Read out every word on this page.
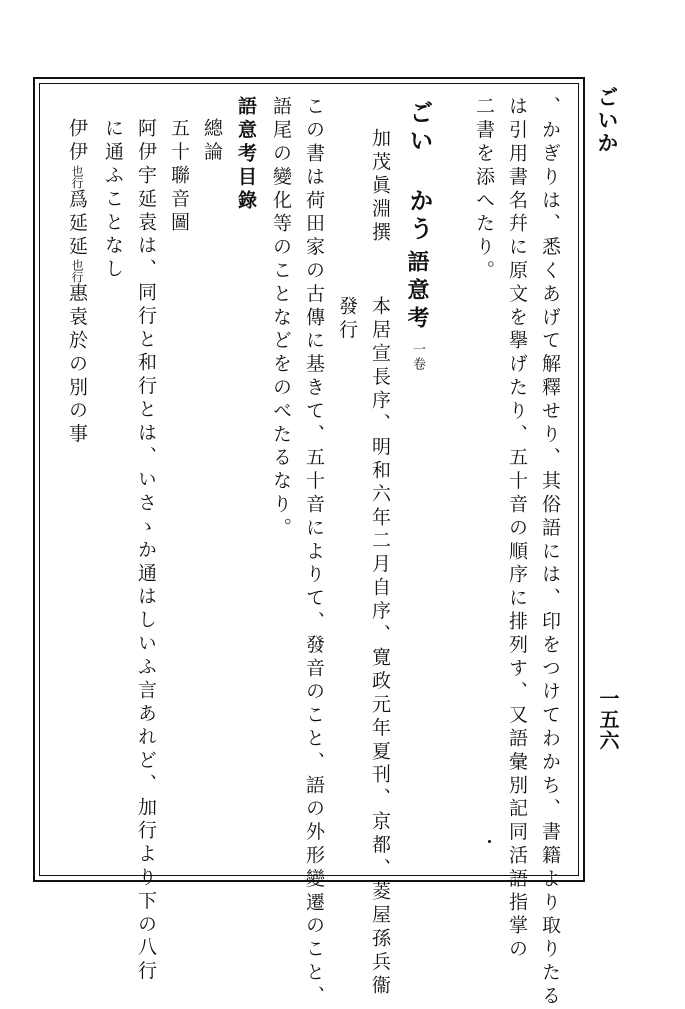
ごいか
一五六
、かぎりは、悉くあげて解釋せり、其俗語には、印をつけてわかち、書籍より取りたる
は引用書名幷に原文を擧げたり、五十音の順序に排列す、又語彙別記同活語指掌の
二書を添へたり。
ごい かう
語意考
一卷
加茂眞淵撰
本居宣長序、明和六年二月自序、寛政元年夏刊、京都、菱屋孫兵衞
發行
この書は荷田家の古傳に基きて、五十音によりて、發音のこと、語の外形變遷のこと、
語尾の變化等のことなどをのべたるなり。
語意考目錄
總論
五十聯音圖
阿伊宇延袁は、同行と和行とは、いさゝか通はしいふ言あれど、加行より下の八行
に通ふことなし
伊伊也行爲延延也行惠袁於の別の事
